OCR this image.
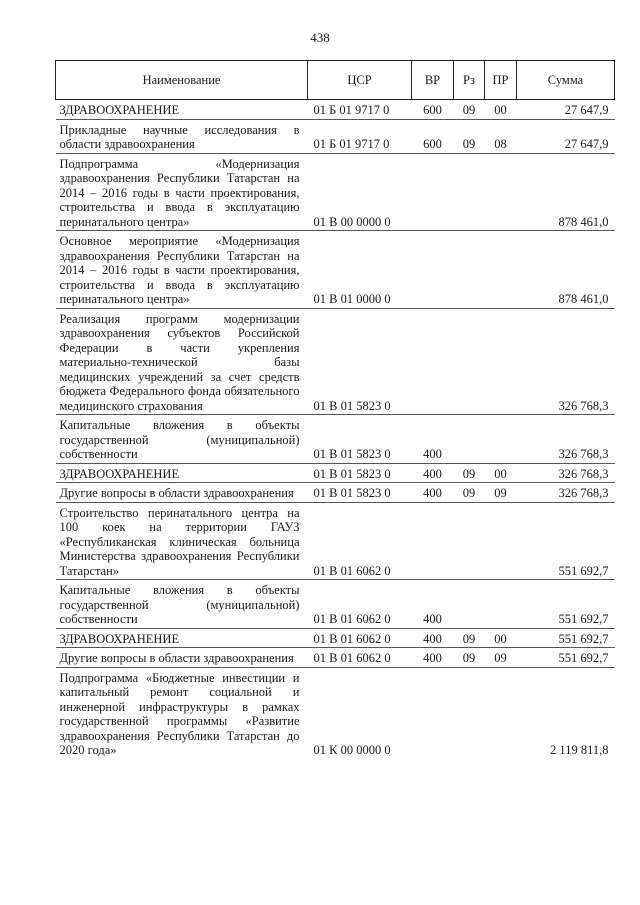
438
Наименование	ЦСР	ВР	Рз	ПР	Сумма
ЗДРАВООХРАНЕНИЕ	01 Б 01 9717 0	600	09	00	27 647,9
Прикладные научные исследования в области здравоохранения	01 Б 01 9717 0	600	09	08	27 647,9
Подпрограмма «Модернизация здравоохранения Республики Татарстан на 2014 – 2016 годы в части проектирования, строительства и ввода в эксплуатацию перинатального центра»	01 В 00 0000 0				878 461,0
Основное мероприятие «Модернизация здравоохранения Республики Татарстан на 2014 – 2016 годы в части проектирования, строительства и ввода в эксплуатацию перинатального центра»	01 В 01 0000 0				878 461,0
Реализация программ модернизации здравоохранения субъектов Российской Федерации в части укрепления материально-технической базы медицинских учреждений за счет средств бюджета Федерального фонда обязательного медицинского страхования	01 В 01 5823 0				326 768,3
Капитальные вложения в объекты государственной (муниципальной) собственности	01 В 01 5823 0	400			326 768,3
ЗДРАВООХРАНЕНИЕ	01 В 01 5823 0	400	09	00	326 768,3
Другие вопросы в области здравоохранения	01 В 01 5823 0	400	09	09	326 768,3
Строительство перинатального центра на 100 коек на территории ГАУЗ «Республиканская клиническая больница Министерства здравоохранения Республики Татарстан»	01 В 01 6062 0				551 692,7
Капитальные вложения в объекты государственной (муниципальной) собственности	01 В 01 6062 0	400			551 692,7
ЗДРАВООХРАНЕНИЕ	01 В 01 6062 0	400	09	00	551 692,7
Другие вопросы в области здравоохранения	01 В 01 6062 0	400	09	09	551 692,7
Подпрограмма «Бюджетные инвестиции и капитальный ремонт социальной и инженерной инфраструктуры в рамках государственной программы «Развитие здравоохранения Республики Татарстан до 2020 года»	01 К 00 0000 0				2 119 811,8
